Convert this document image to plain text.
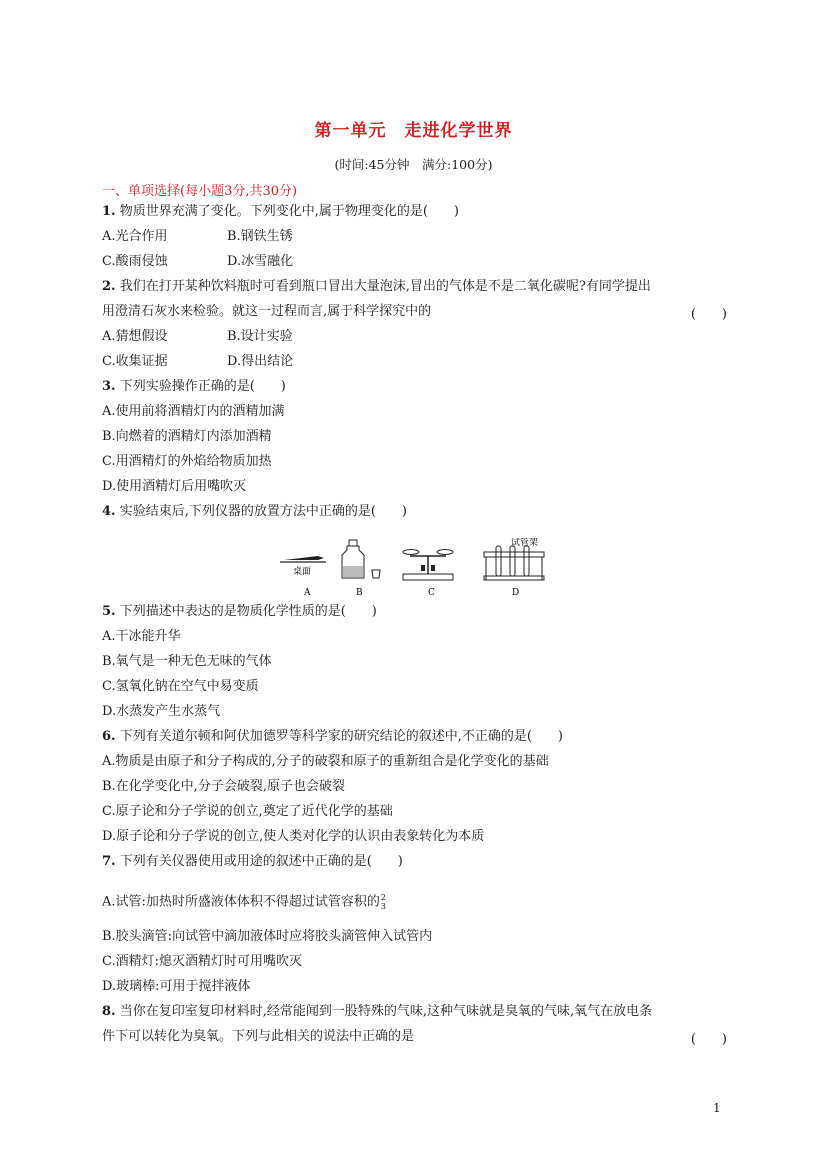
第一单元　走进化学世界
(时间:45分钟　满分:100分)
一、单项选择(每小题3分,共30分)
1. 物质世界充满了变化。下列变化中,属于物理变化的是(　　)
A.光合作用	B.钢铁生锈
C.酸雨侵蚀	D.冰雪融化
2. 我们在打开某种饮料瓶时可看到瓶口冒出大量泡沫,冒出的气体是不是二氧化碳呢?有同学提出
用澄清石灰水来检验。就这一过程而言,属于科学探究中的	(　　)
A.猜想假设	B.设计实验
C.收集证据	D.得出结论
3. 下列实验操作正确的是(　　)
A.使用前将酒精灯内的酒精加满
B.向燃着的酒精灯内添加酒精
C.用酒精灯的外焰给物质加热
D.使用酒精灯后用嘴吹灭
4. 实验结束后,下列仪器的放置方法中正确的是(　　)
桌面
试管架
A	B	C	D
5. 下列描述中表达的是物质化学性质的是(　　)
A.干冰能升华
B.氧气是一种无色无味的气体
C.氢氧化钠在空气中易变质
D.水蒸发产生水蒸气
6. 下列有关道尔顿和阿伏加德罗等科学家的研究结论的叙述中,不正确的是(　　)
A.物质是由原子和分子构成的,分子的破裂和原子的重新组合是化学变化的基础
B.在化学变化中,分子会破裂,原子也会破裂
C.原子论和分子学说的创立,奠定了近代化学的基础
D.原子论和分子学说的创立,使人类对化学的认识由表象转化为本质
7. 下列有关仪器使用或用途的叙述中正确的是(　　)
A.试管:加热时所盛液体体积不得超过试管容积的 2
3
B.胶头滴管:向试管中滴加液体时应将胶头滴管伸入试管内
C.酒精灯:熄灭酒精灯时可用嘴吹灭
D.玻璃棒:可用于搅拌液体
8. 当你在复印室复印材料时,经常能闻到一股特殊的气味,这种气味就是臭氧的气味,氧气在放电条
件下可以转化为臭氧。下列与此相关的说法中正确的是	(　　)
1
